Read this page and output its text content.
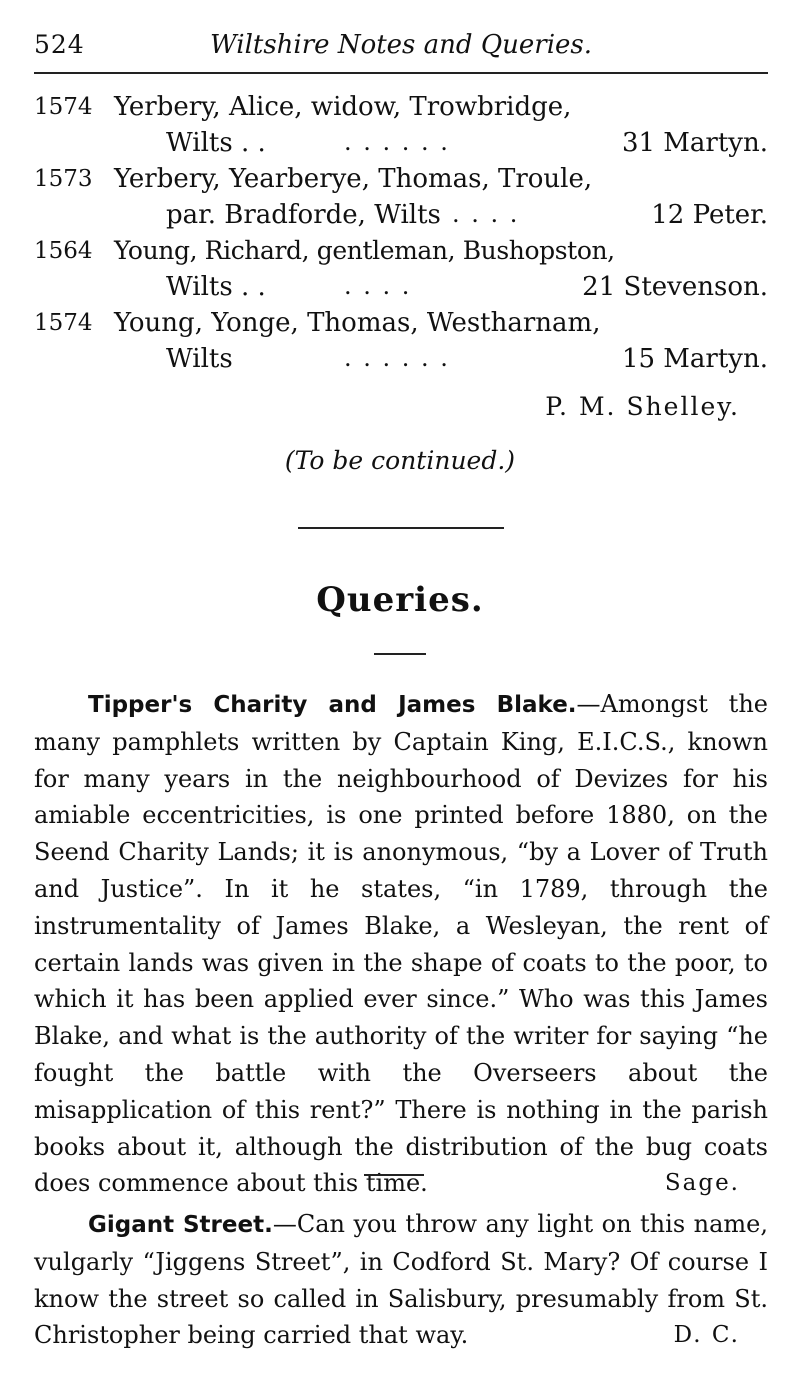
524	Wiltshire Notes and Queries.
1574 Yerbery, Alice, widow, Trowbridge,
Wilts . .	. . . . . .	31 Martyn.
1573 Yerbery, Yearberye, Thomas, Troule,
par. Bradforde, Wilts . . . .	12 Peter.
1564 Young, Richard, gentleman, Bushopston,
Wilts . .	. . . .	21 Stevenson.
1574 Young, Yonge, Thomas, Westharnam,
Wilts	. . . . . .	15 Martyn.
P. M. Shelley.
(To be continued.)
Queries.
Tipper's Charity and James Blake.—Amongst the many pamphlets written by Captain King, E.I.C.S., known for many years in the neighbourhood of Devizes for his amiable eccentricities, is one printed before 1880, on the Seend Charity Lands; it is anonymous, “by a Lover of Truth and Justice”. In it he states, “in 1789, through the instrumentality of James Blake, a Wesleyan, the rent of certain lands was given in the shape of coats to the poor, to which it has been applied ever since.” Who was this James Blake, and what is the authority of the writer for saying “he fought the battle with the Overseers about the misapplication of this rent?” There is nothing in the parish books about it, although the distribution of the bug coats does commence about this time.	Sage.
Gigant Street.—Can you throw any light on this name, vulgarly “Jiggens Street”, in Codford St. Mary? Of course I know the street so called in Salisbury, presumably from St. Christopher being carried that way.	D. C.
